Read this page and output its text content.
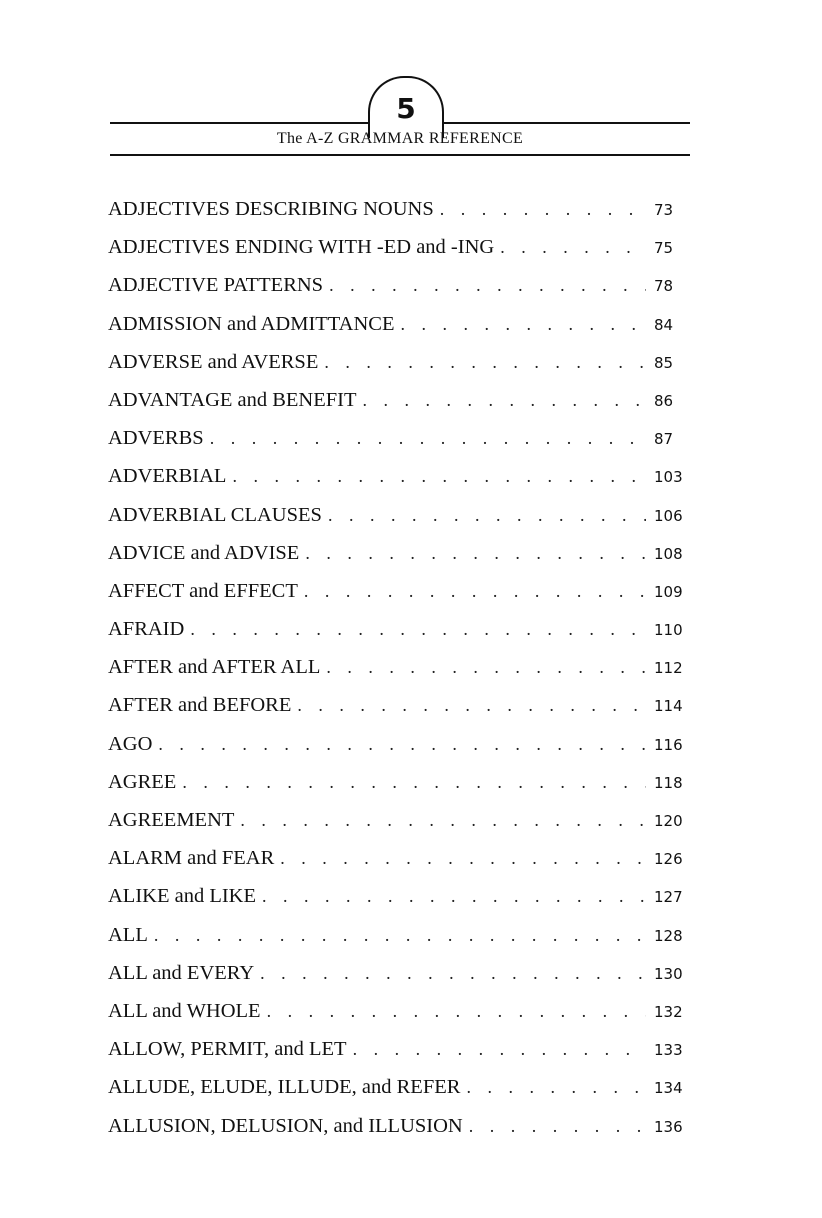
5
The A-Z GRAMMAR REFERENCE
ADJECTIVES DESCRIBING NOUNS . . .	73
ADJECTIVES ENDING WITH -ED and -ING . . .	75
ADJECTIVE PATTERNS . . .	78
ADMISSION and ADMITTANCE . . .	84
ADVERSE and AVERSE . . .	85
ADVANTAGE and BENEFIT . . .	86
ADVERBS . . .	87
ADVERBIAL . . .	103
ADVERBIAL CLAUSES . . .	106
ADVICE and ADVISE . . .	108
AFFECT and EFFECT . . .	109
AFRAID . . .	110
AFTER and AFTER ALL . . .	112
AFTER and BEFORE . . .	114
AGO . . .	116
AGREE . . .	118
AGREEMENT . . .	120
ALARM and FEAR . . .	126
ALIKE and LIKE . . .	127
ALL . . .	128
ALL and EVERY . . .	130
ALL and WHOLE . . .	132
ALLOW, PERMIT, and LET . . .	133
ALLUDE, ELUDE, ILLUDE, and REFER . . .	134
ALLUSION, DELUSION, and ILLUSION . . .	136
